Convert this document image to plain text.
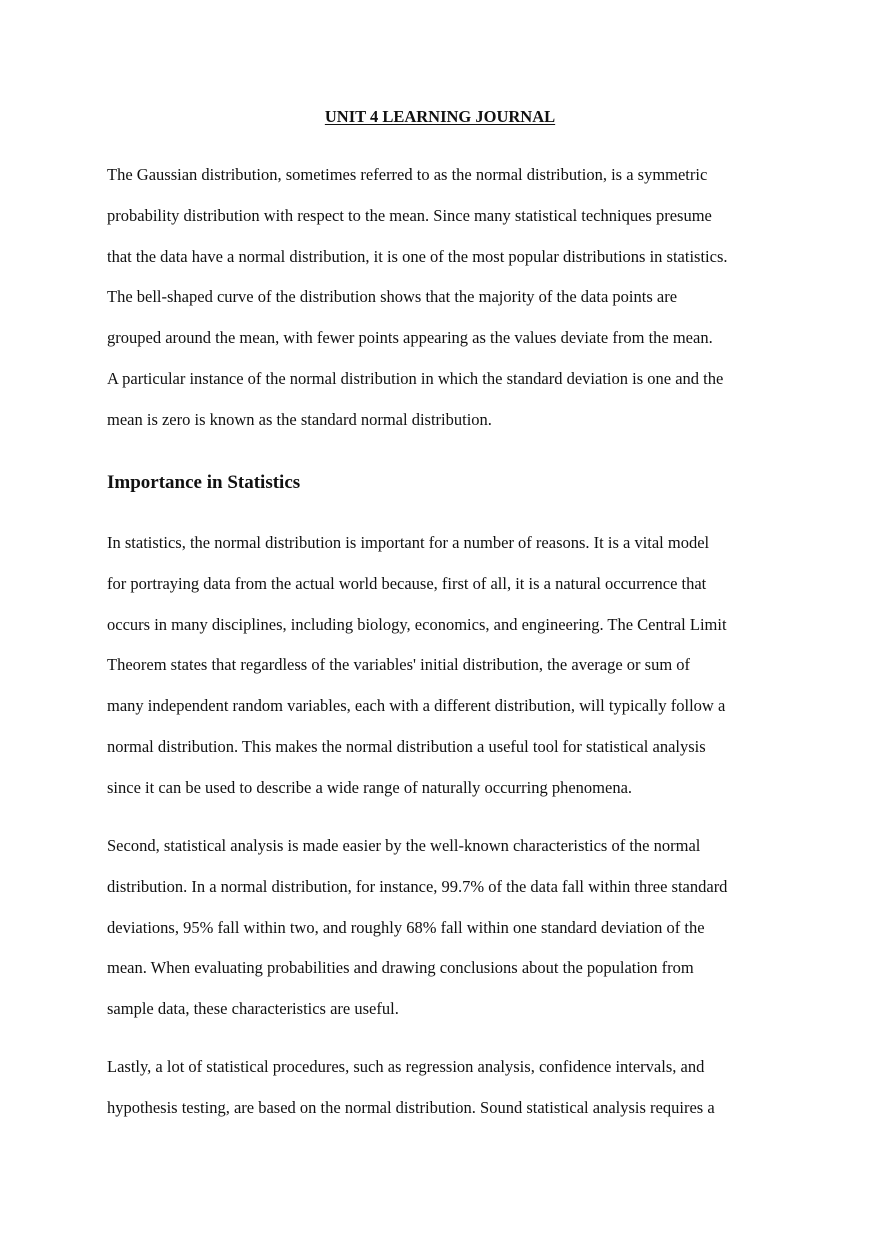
UNIT 4 LEARNING JOURNAL

The Gaussian distribution, sometimes referred to as the normal distribution, is a symmetric
probability distribution with respect to the mean. Since many statistical techniques presume
that the data have a normal distribution, it is one of the most popular distributions in statistics.
The bell-shaped curve of the distribution shows that the majority of the data points are
grouped around the mean, with fewer points appearing as the values deviate from the mean.
A particular instance of the normal distribution in which the standard deviation is one and the
mean is zero is known as the standard normal distribution.

Importance in Statistics

In statistics, the normal distribution is important for a number of reasons. It is a vital model
for portraying data from the actual world because, first of all, it is a natural occurrence that
occurs in many disciplines, including biology, economics, and engineering. The Central Limit
Theorem states that regardless of the variables' initial distribution, the average or sum of
many independent random variables, each with a different distribution, will typically follow a
normal distribution. This makes the normal distribution a useful tool for statistical analysis
since it can be used to describe a wide range of naturally occurring phenomena.

Second, statistical analysis is made easier by the well-known characteristics of the normal
distribution. In a normal distribution, for instance, 99.7% of the data fall within three standard
deviations, 95% fall within two, and roughly 68% fall within one standard deviation of the
mean. When evaluating probabilities and drawing conclusions about the population from
sample data, these characteristics are useful.

Lastly, a lot of statistical procedures, such as regression analysis, confidence intervals, and
hypothesis testing, are based on the normal distribution. Sound statistical analysis requires a
